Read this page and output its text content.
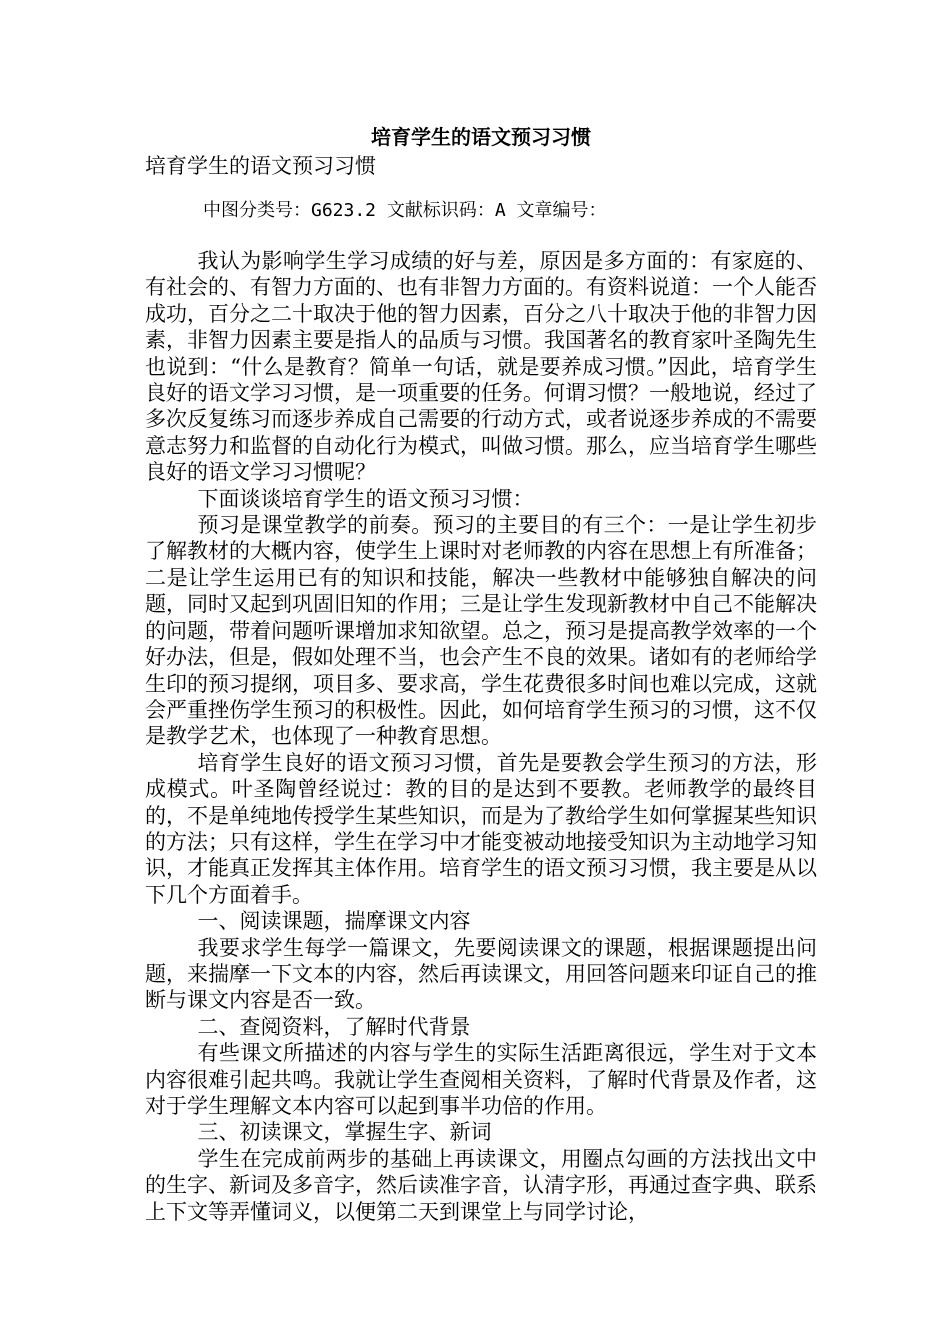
培育学生的语文预习习惯

培育学生的语文预习习惯

中图分类号：G623.2 文献标识码：A 文章编号：

我认为影响学生学习成绩的好与差，原因是多方面的：有家庭的、有社会的、有智力方面的、也有非智力方面的。有资料说道：一个人能否成功，百分之二十取决于他的智力因素，百分之八十取决于他的非智力因素，非智力因素主要是指人的品质与习惯。我国著名的教育家叶圣陶先生也说到：“什么是教育？简单一句话，就是要养成习惯。”因此，培育学生良好的语文学习习惯，是一项重要的任务。何谓习惯？一般地说，经过了多次反复练习而逐步养成自己需要的行动方式，或者说逐步养成的不需要意志努力和监督的自动化行为模式，叫做习惯。那么，应当培育学生哪些良好的语文学习习惯呢？

下面谈谈培育学生的语文预习习惯：

预习是课堂教学的前奏。预习的主要目的有三个：一是让学生初步了解教材的大概内容，使学生上课时对老师教的内容在思想上有所准备；二是让学生运用已有的知识和技能，解决一些教材中能够独自解决的问题，同时又起到巩固旧知的作用；三是让学生发现新教材中自己不能解决的问题，带着问题听课增加求知欲望。总之，预习是提高教学效率的一个好办法，但是，假如处理不当，也会产生不良的效果。诸如有的老师给学生印的预习提纲，项目多、要求高，学生花费很多时间也难以完成，这就会严重挫伤学生预习的积极性。因此，如何培育学生预习的习惯，这不仅是教学艺术，也体现了一种教育思想。

培育学生良好的语文预习习惯，首先是要教会学生预习的方法，形成模式。叶圣陶曾经说过：教的目的是达到不要教。老师教学的最终目的，不是单纯地传授学生某些知识，而是为了教给学生如何掌握某些知识的方法；只有这样，学生在学习中才能变被动地接受知识为主动地学习知识，才能真正发挥其主体作用。培育学生的语文预习习惯，我主要是从以下几个方面着手。

一、阅读课题，揣摩课文内容

我要求学生每学一篇课文，先要阅读课文的课题，根据课题提出问题，来揣摩一下文本的内容，然后再读课文，用回答问题来印证自己的推断与课文内容是否一致。

二、查阅资料，了解时代背景

有些课文所描述的内容与学生的实际生活距离很远，学生对于文本内容很难引起共鸣。我就让学生查阅相关资料，了解时代背景及作者，这对于学生理解文本内容可以起到事半功倍的作用。

三、初读课文，掌握生字、新词

学生在完成前两步的基础上再读课文，用圈点勾画的方法找出文中的生字、新词及多音字，然后读准字音，认清字形，再通过查字典、联系上下文等弄懂词义，以便第二天到课堂上与同学讨论，
